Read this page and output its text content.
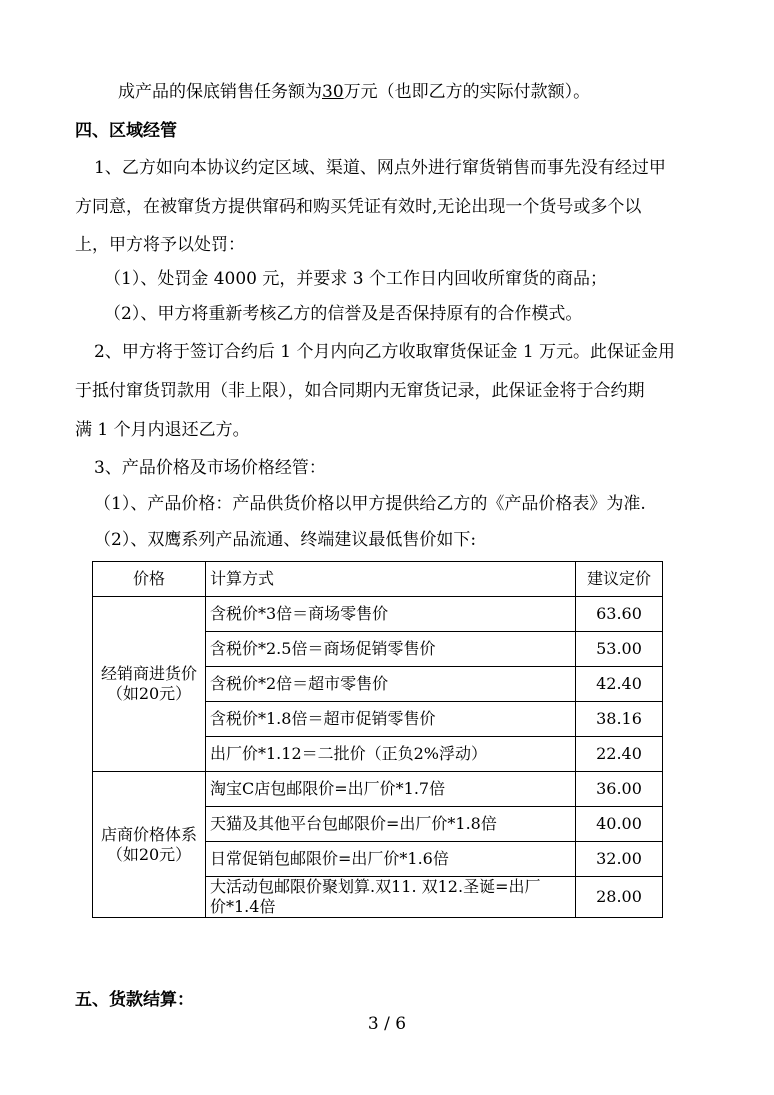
成产品的保底销售任务额为30万元（也即乙方的实际付款额）。
四、区域经管
1、乙方如向本协议约定区域、渠道、网点外进行窜货销售而事先没有经过甲
方同意，在被窜货方提供窜码和购买凭证有效时,无论出现一个货号或多个以
上，甲方将予以处罚：
（1）、处罚金 4000 元，并要求 3 个工作日内回收所窜货的商品；
（2）、甲方将重新考核乙方的信誉及是否保持原有的合作模式。
2、甲方将于签订合约后 1 个月内向乙方收取窜货保证金 1 万元。此保证金用
于抵付窜货罚款用（非上限），如合同期内无窜货记录，此保证金将于合约期
满 1 个月内退还乙方。
3、产品价格及市场价格经管：
（1）、产品价格：产品供货价格以甲方提供给乙方的《产品价格表》为准.
（2）、双鹰系列产品流通、终端建议最低售价如下:
价格	计算方式	建议定价

经销商进货价
（如20元）	含税价*3倍＝商场零售价	63.60
	含税价*2.5倍＝商场促销零售价	53.00
	含税价*2倍＝超市零售价	42.40
	含税价*1.8倍＝超市促销零售价	38.16
	出厂价*1.12＝二批价（正负2%浮动）	22.40

店商价格体系
（如20元）	淘宝C店包邮限价=出厂价*1.7倍	36.00
	天猫及其他平台包邮限价=出厂价*1.8倍	40.00
	日常促销包邮限价=出厂价*1.6倍	32.00

	大活动包邮限价聚划算.双11. 双12.圣诞=出厂
价*1.4倍	28.00
五、货款结算：
3 / 6
